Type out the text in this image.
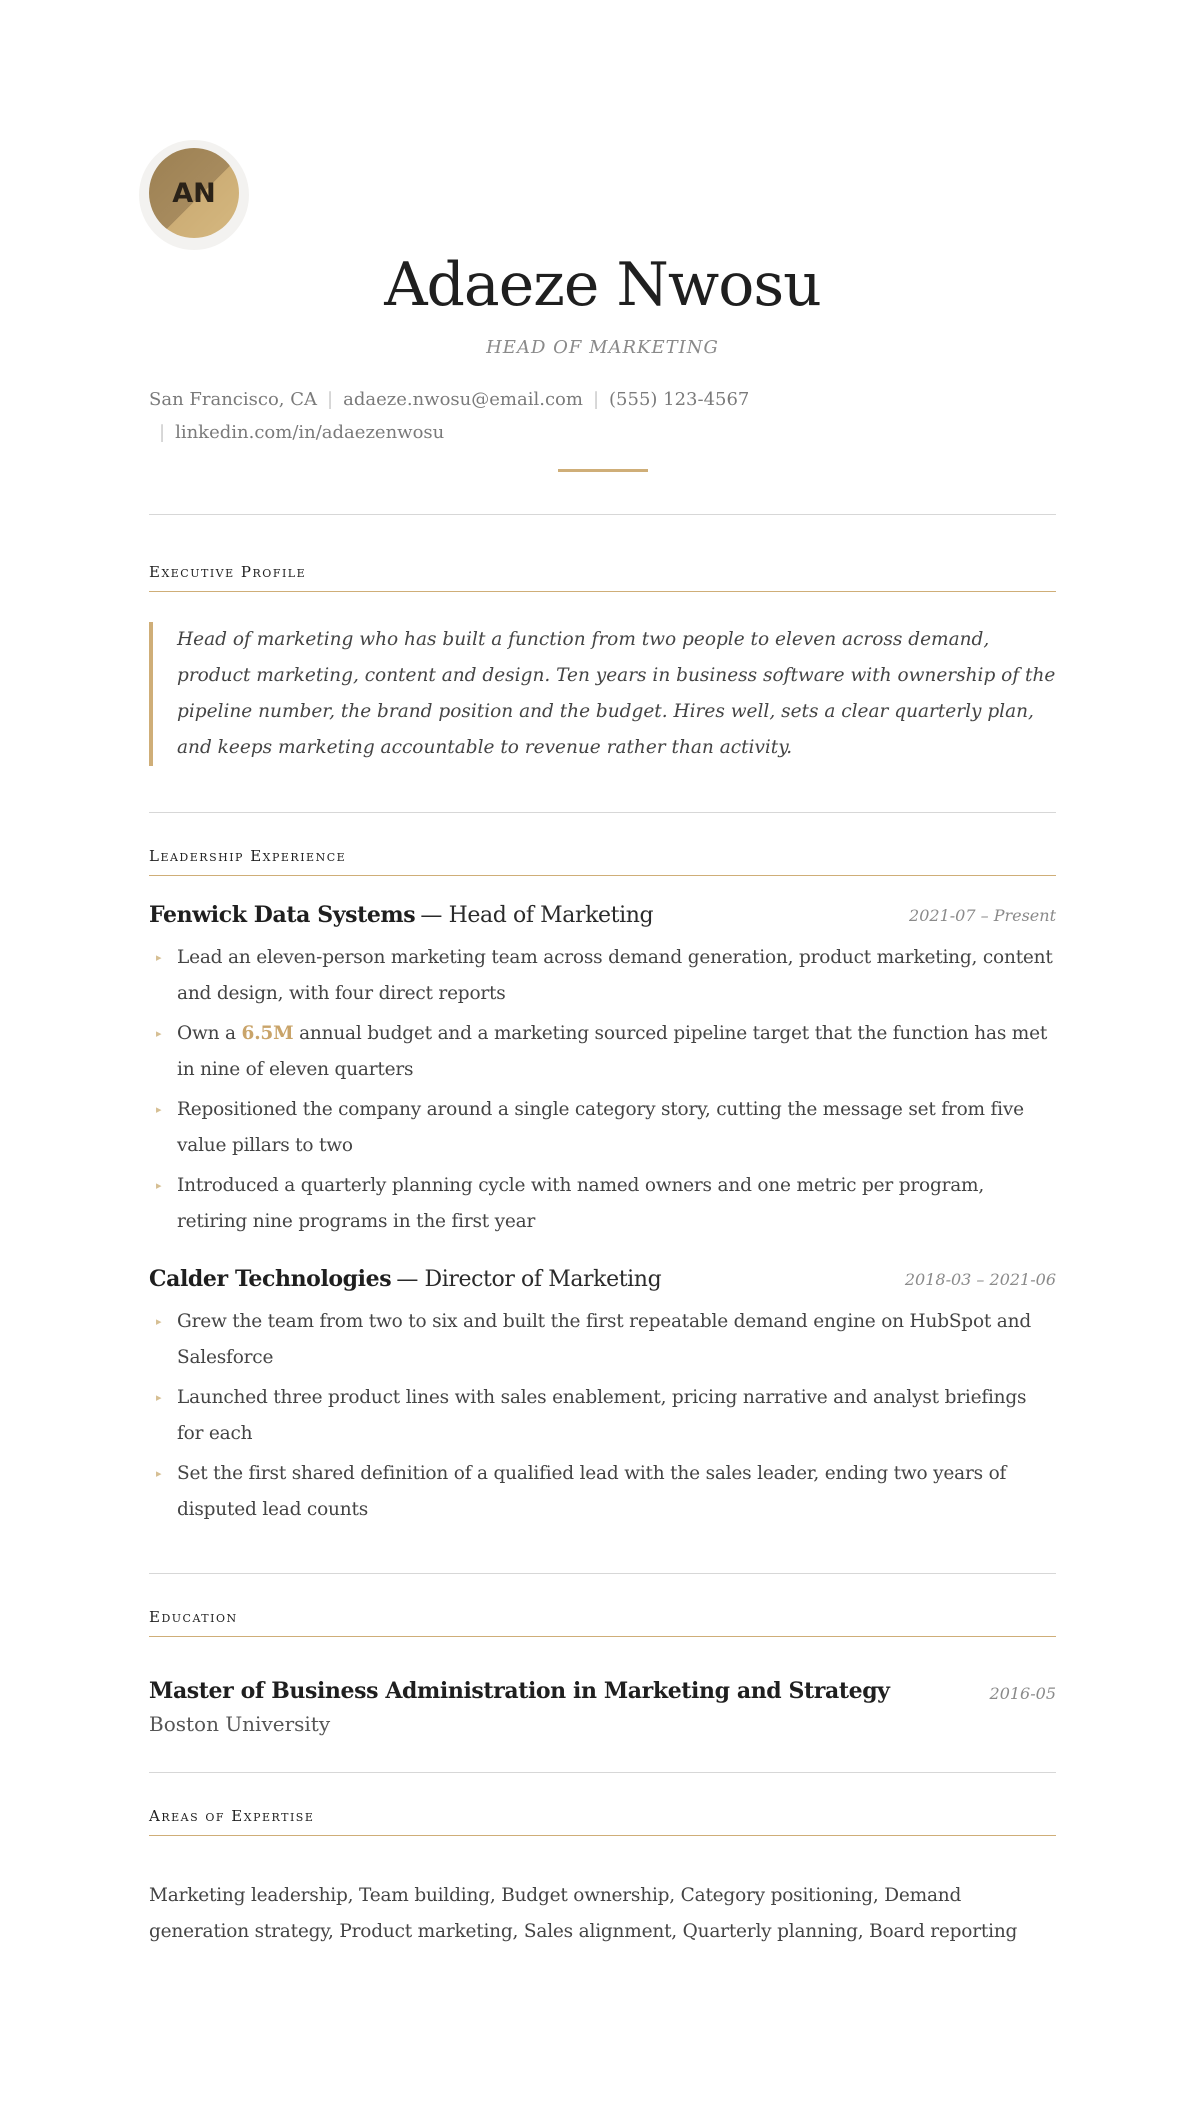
AN
Adaeze Nwosu
HEAD OF MARKETING
San Francisco, CA | adaeze.nwosu@email.com | (555) 123-4567
| linkedin.com/in/adaezenwosu
Executive Profile
Head of marketing who has built a function from two people to eleven across demand, product marketing, content and design. Ten years in business software with ownership of the pipeline number, the brand position and the budget. Hires well, sets a clear quarterly plan, and keeps marketing accountable to revenue rather than activity.
Leadership Experience
Fenwick Data Systems — Head of Marketing	2021-07 – Present
▸ Lead an eleven-person marketing team across demand generation, product marketing, content and design, with four direct reports
▸ Own a 6.5M annual budget and a marketing sourced pipeline target that the function has met in nine of eleven quarters
▸ Repositioned the company around a single category story, cutting the message set from five value pillars to two
▸ Introduced a quarterly planning cycle with named owners and one metric per program, retiring nine programs in the first year
Calder Technologies — Director of Marketing	2018-03 – 2021-06
▸ Grew the team from two to six and built the first repeatable demand engine on HubSpot and Salesforce
▸ Launched three product lines with sales enablement, pricing narrative and analyst briefings for each
▸ Set the first shared definition of a qualified lead with the sales leader, ending two years of disputed lead counts
Education
Master of Business Administration in Marketing and Strategy	2016-05
Boston University
Areas of Expertise
Marketing leadership, Team building, Budget ownership, Category positioning, Demand generation strategy, Product marketing, Sales alignment, Quarterly planning, Board reporting
